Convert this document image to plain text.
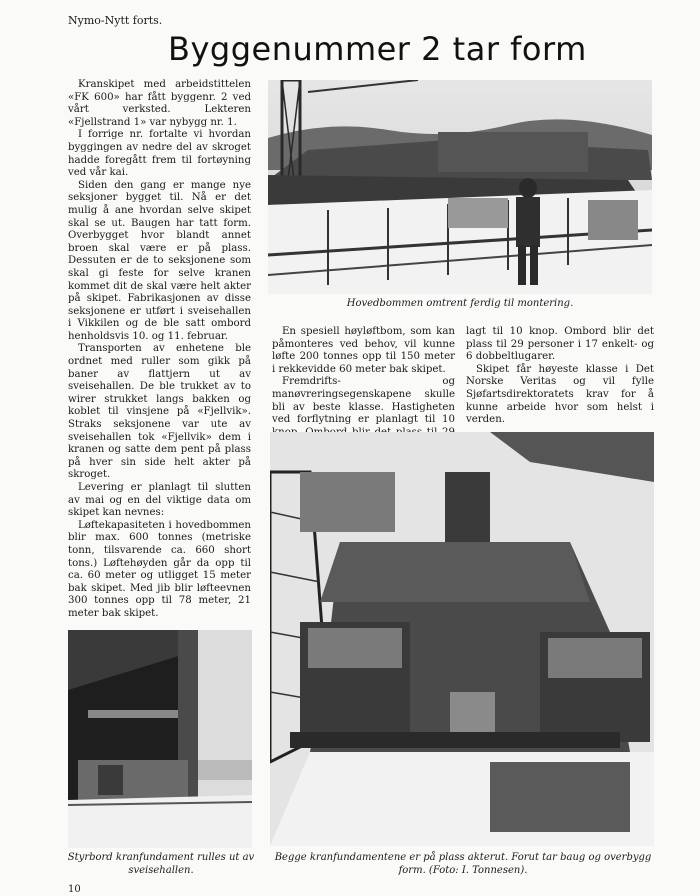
Nymo-Nytt forts.
Byggenummer 2 tar form

Kranskipet med arbeidstittelen «FK 600» har fått byggenr. 2 ved vårt verksted. Lekteren «Fjellstrand 1» var nybygg nr. 1.

I forrige nr. fortalte vi hvordan byggingen av nedre del av skroget hadde foregått frem til fortøyning ved vår kai.

Siden den gang er mange nye seksjoner bygget til. Nå er det mulig å ane hvordan selve skipet skal se ut. Baugen har tatt form. Overbygget hvor blandt annet broen skal være er på plass. Dessuten er de to seksjonene som skal gi feste for selve kranen kommet dit de skal være helt akter på skipet. Fabrikasjonen av disse seksjonene er utført i sveisehallen i Vikkilen og de ble satt ombord henholdsvis 10. og 11. februar.

Transporten av enhetene ble ordnet med ruller som gikk på baner av flattjern ut av sveisehallen. De ble trukket av to wirer strukket langs bakken og koblet til vinsjene på «Fjellvik». Straks seksjonene var ute av sveisehallen tok «Fjellvik» dem i kranen og satte dem pent på plass på hver sin side helt akter på skroget.

Levering er planlagt til slutten av mai og en del viktige data om skipet kan nevnes:

Løftekapasiteten i hovedbommen blir max. 600 tonnes (metriske tonn, tilsvarende ca. 660 short tons.) Løftehøyden går da opp til ca. 60 meter og utligget 15 meter bak skipet. Med jib blir løfteevnen 300 tonnes opp til 78 meter, 21 meter bak skipet.

Hovedbommen omtrent ferdig til montering.

En spesiell høyløftbom, som kan påmonteres ved behov, vil kunne løfte 200 tonnes opp til 150 meter i rekkevidde 60 meter bak skipet.

Fremdrifts- og manøvreringsegenskapene skulle bli av beste klasse. Hastigheten ved forflytning er planlagt til 10

lagt til 10 knop. Ombord blir det plass til 29 personer i 17 enkelt- og 6 dobbeltlugarer.

Skipet får høyeste klasse i Det Norske Veritas og vil fylle Sjøfartsdirektoratets krav for å kunne arbeide hvor som helst i verden.

Styrbord kranfundament rulles ut av sveisehallen.
Begge kranfundamentene er på plass akterut. Forut tar baug og overbygg form. (Foto: I. Tonnesen).
10
